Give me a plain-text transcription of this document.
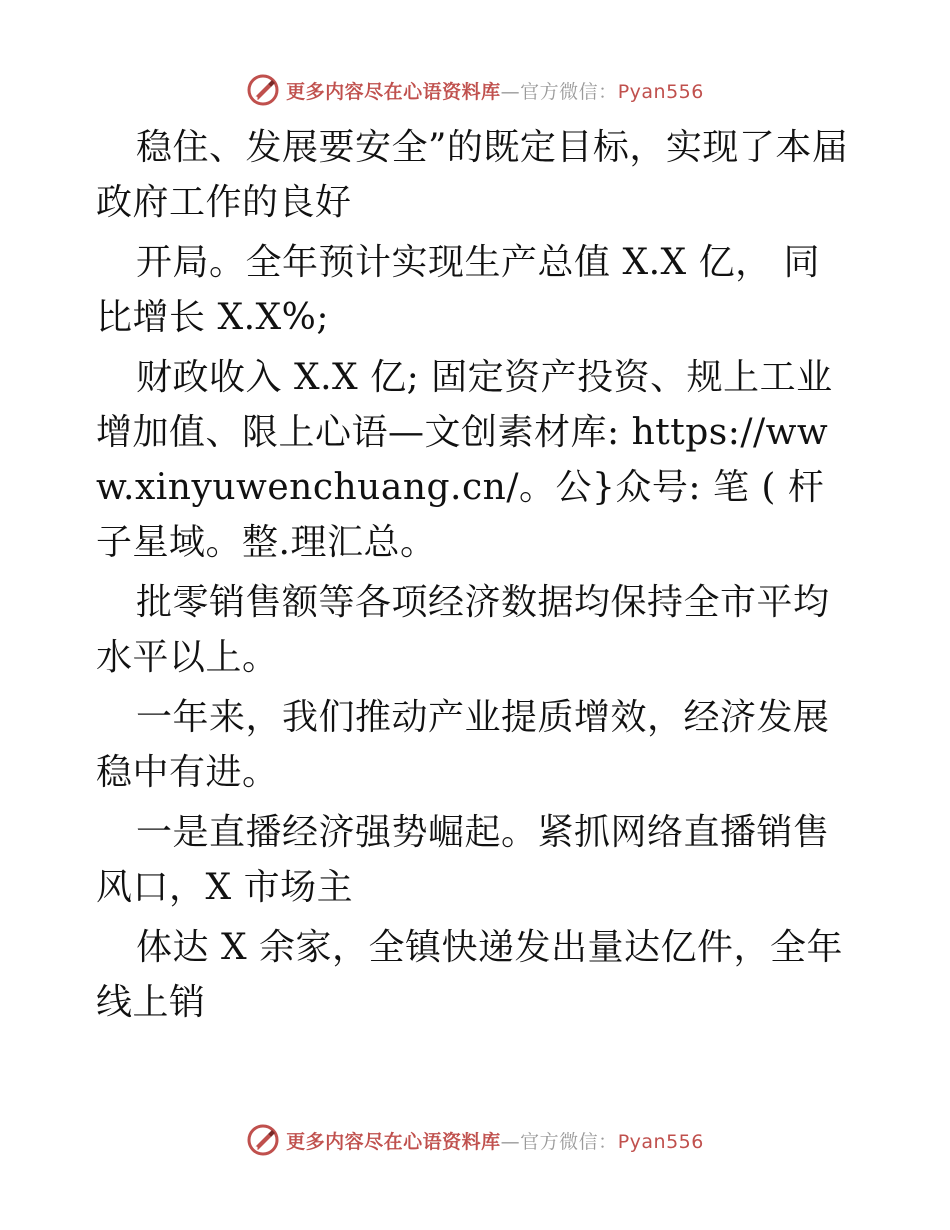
更多内容尽在心语资料库—官方微信：Pyan556

稳住、发展要安全”的既定目标，实现了本届政府工作的良好

开局。全年预计实现生产总值 X.X 亿， 同比增长 X.X%;

财政收入 X.X 亿; 固定资产投资、规上工业增加值、限上心语—文创素材库: https://www.xinyuwenchuang.cn/。公}众号: 笔 ( 杆子星域。整.理汇总。

批零销售额等各项经济数据均保持全市平均水平以上。

一年来，我们推动产业提质增效，经济发展稳中有进。

一是直播经济强势崛起。紧抓网络直播销售风口，X 市场主

体达 X 余家，全镇快递发出量达亿件，全年线上销

更多内容尽在心语资料库—官方微信：Pyan556
